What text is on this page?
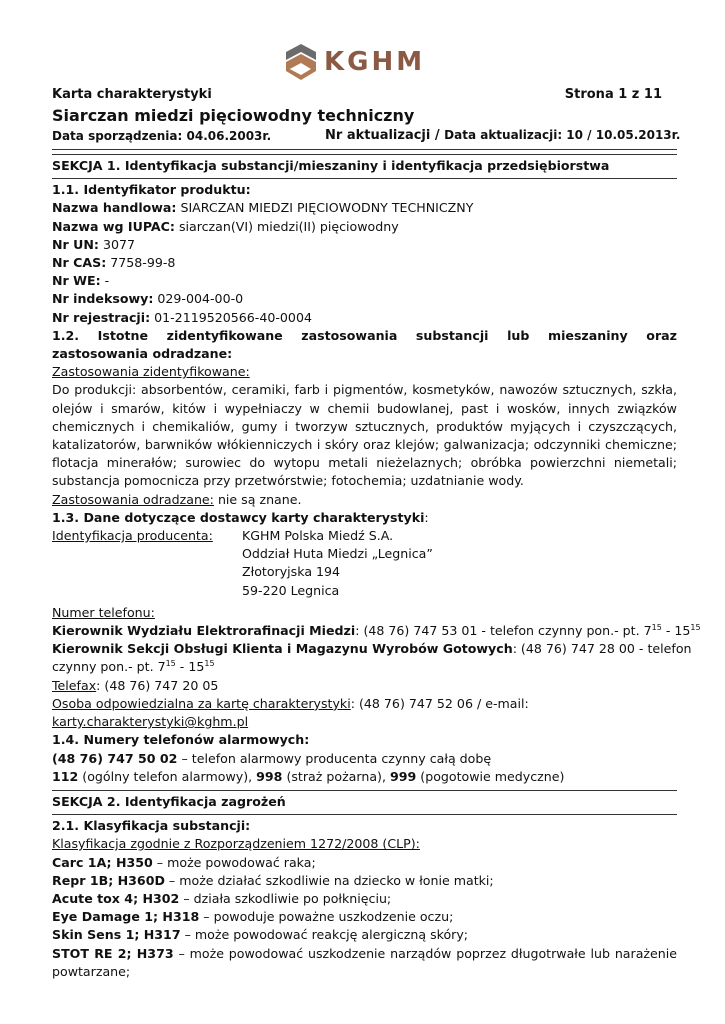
KGHM
Karta charakterystyki	Strona 1 z 11
Siarczan miedzi pięciowodny techniczny
Data sporządzenia: 04.06.2003r.	Nr aktualizacji / Data aktualizacji: 10 / 10.05.2013r.
SEKCJA 1. Identyfikacja substancji/mieszaniny i identyfikacja przedsiębiorstwa
1.1. Identyfikator produktu:
Nazwa handlowa: SIARCZAN MIEDZI PIĘCIOWODNY TECHNICZNY
Nazwa wg IUPAC: siarczan(VI) miedzi(II) pięciowodny
Nr UN: 3077
Nr CAS: 7758-99-8
Nr WE: -
Nr indeksowy: 029-004-00-0
Nr rejestracji: 01-2119520566-40-0004
1.2. Istotne zidentyfikowane zastosowania substancji lub mieszaniny oraz zastosowania odradzane:
Zastosowania zidentyfikowane:
Do produkcji: absorbentów, ceramiki, farb i pigmentów, kosmetyków, nawozów sztucznych, szkła, olejów i smarów, kitów i wypełniaczy w chemii budowlanej, past i wosków, innych związków chemicznych i chemikaliów, gumy i tworzyw sztucznych, produktów myjących i czyszczących, katalizatorów, barwników włókienniczych i skóry oraz klejów; galwanizacja; odczynniki chemiczne; flotacja minerałów; surowiec do wytopu metali nieżelaznych; obróbka powierzchni niemetali; substancja pomocnicza przy przetwórstwie; fotochemia; uzdatnianie wody.
Zastosowania odradzane: nie są znane.
1.3. Dane dotyczące dostawcy karty charakterystyki:
Identyfikacja producenta:	KGHM Polska Miedź S.A.
Oddział Huta Miedzi „Legnica”
Złotoryjska 194
59-220 Legnica
Numer telefonu:
Kierownik Wydziału Elektrorafinacji Miedzi: (48 76) 747 53 01 - telefon czynny pon.- pt. $7^{15} - 15^{15}$
Kierownik Sekcji Obsługi Klienta i Magazynu Wyrobów Gotowych: (48 76) 747 28 00 - telefon
czynny pon.- pt. $7^{15} - 15^{15}$
Telefax: (48 76) 747 20 05
Osoba odpowiedzialna za kartę charakterystyki: (48 76) 747 52 06 / e-mail:
karty.charakterystyki@kghm.pl
1.4. Numery telefonów alarmowych:
(48 76) 747 50 02 – telefon alarmowy producenta czynny całą dobę
112 (ogólny telefon alarmowy), 998 (straż pożarna), 999 (pogotowie medyczne)
SEKCJA 2. Identyfikacja zagrożeń
2.1. Klasyfikacja substancji:
Klasyfikacja zgodnie z Rozporządzeniem 1272/2008 (CLP):
Carc 1A; H350 – może powodować raka;
Repr 1B; H360D – może działać szkodliwie na dziecko w łonie matki;
Acute tox 4; H302 – działa szkodliwie po połknięciu;
Eye Damage 1; H318 – powoduje poważne uszkodzenie oczu;
Skin Sens 1; H317 – może powodować reakcję alergiczną skóry;
STOT RE 2; H373 – może powodować uszkodzenie narządów poprzez długotrwałe lub narażenie powtarzane;
